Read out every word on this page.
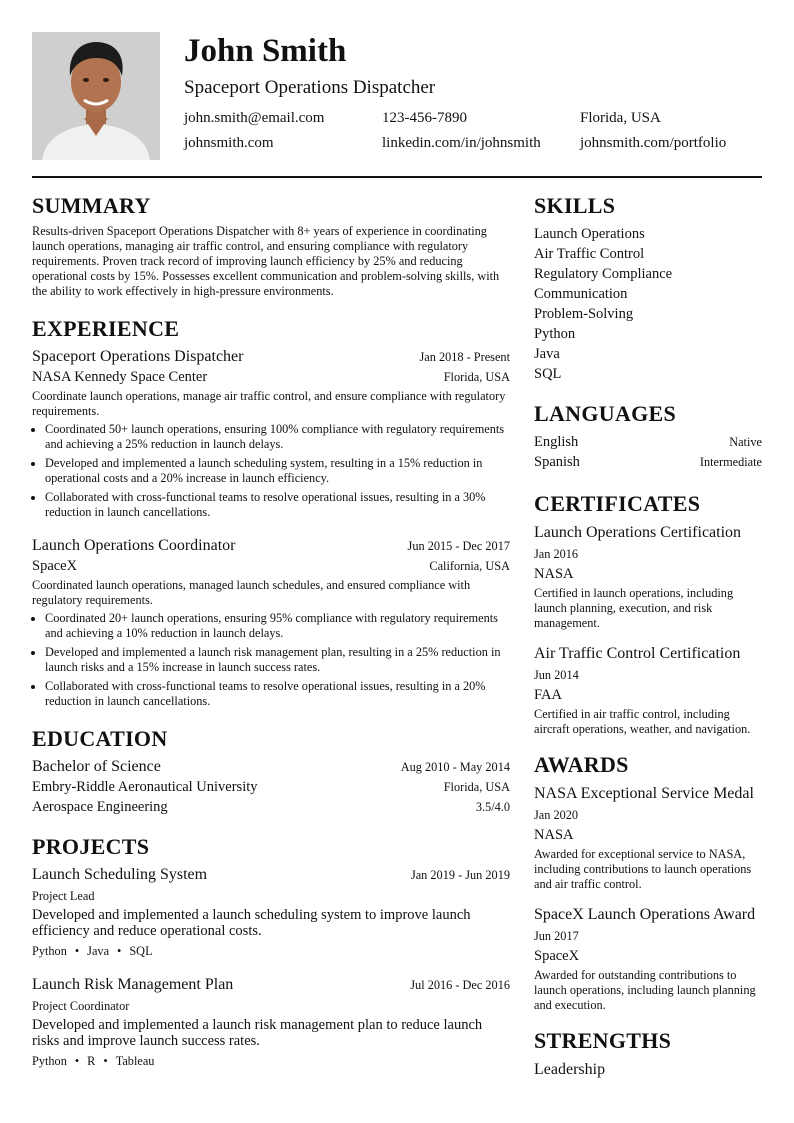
John Smith
Spaceport Operations Dispatcher
john.smith@email.com	123-456-7890	Florida, USA
johnsmith.com	linkedin.com/in/johnsmith	johnsmith.com/portfolio
SUMMARY
Results-driven Spaceport Operations Dispatcher with 8+ years of experience in coordinating launch operations, managing air traffic control, and ensuring compliance with regulatory requirements. Proven track record of improving launch efficiency by 25% and reducing operational costs by 15%. Possesses excellent communication and problem-solving skills, with the ability to work effectively in high-pressure environments.
EXPERIENCE
Spaceport Operations Dispatcher	Jan 2018 - Present
NASA Kennedy Space Center	Florida, USA
Coordinate launch operations, manage air traffic control, and ensure compliance with regulatory requirements.
• Coordinated 50+ launch operations, ensuring 100% compliance with regulatory requirements and achieving a 25% reduction in launch delays.
• Developed and implemented a launch scheduling system, resulting in a 15% reduction in operational costs and a 20% increase in launch efficiency.
• Collaborated with cross-functional teams to resolve operational issues, resulting in a 30% reduction in launch cancellations.
Launch Operations Coordinator	Jun 2015 - Dec 2017
SpaceX	California, USA
Coordinated launch operations, managed launch schedules, and ensured compliance with regulatory requirements.
• Coordinated 20+ launch operations, ensuring 95% compliance with regulatory requirements and achieving a 10% reduction in launch delays.
• Developed and implemented a launch risk management plan, resulting in a 25% reduction in launch risks and a 15% increase in launch success rates.
• Collaborated with cross-functional teams to resolve operational issues, resulting in a 20% reduction in launch cancellations.
EDUCATION
Bachelor of Science	Aug 2010 - May 2014
Embry-Riddle Aeronautical University	Florida, USA
Aerospace Engineering	3.5/4.0
PROJECTS
Launch Scheduling System	Jan 2019 - Jun 2019
Project Lead
Developed and implemented a launch scheduling system to improve launch efficiency and reduce operational costs.
Python • Java • SQL
Launch Risk Management Plan	Jul 2016 - Dec 2016
Project Coordinator
Developed and implemented a launch risk management plan to reduce launch risks and improve launch success rates.
Python • R • Tableau
SKILLS
Launch Operations
Air Traffic Control
Regulatory Compliance
Communication
Problem-Solving
Python
Java
SQL
LANGUAGES
English	Native
Spanish	Intermediate
CERTIFICATES
Launch Operations Certification
Jan 2016
NASA
Certified in launch operations, including launch planning, execution, and risk management.
Air Traffic Control Certification
Jun 2014
FAA
Certified in air traffic control, including aircraft operations, weather, and navigation.
AWARDS
NASA Exceptional Service Medal
Jan 2020
NASA
Awarded for exceptional service to NASA, including contributions to launch operations and air traffic control.
SpaceX Launch Operations Award
Jun 2017
SpaceX
Awarded for outstanding contributions to launch operations, including launch planning and execution.
STRENGTHS
Leadership
